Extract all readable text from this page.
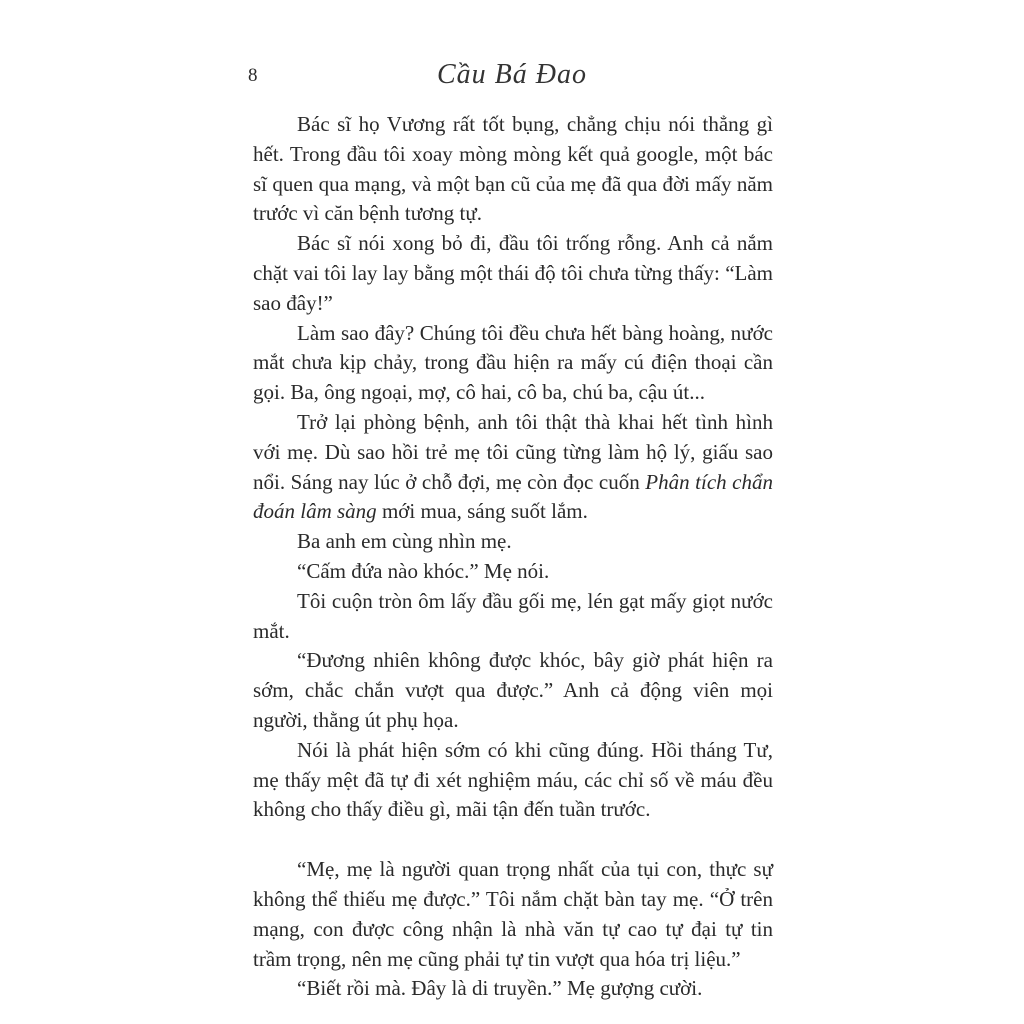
8	Cầu Bá Đao

Bác sĩ họ Vương rất tốt bụng, chẳng chịu nói thẳng gì hết. Trong đầu tôi xoay mòng mòng kết quả google, một bác sĩ quen qua mạng, và một bạn cũ của mẹ đã qua đời mấy năm trước vì căn bệnh tương tự.

Bác sĩ nói xong bỏ đi, đầu tôi trống rỗng. Anh cả nắm chặt vai tôi lay lay bằng một thái độ tôi chưa từng thấy: “Làm sao đây!”

Làm sao đây? Chúng tôi đều chưa hết bàng hoàng, nước mắt chưa kịp chảy, trong đầu hiện ra mấy cú điện thoại cần gọi. Ba, ông ngoại, mợ, cô hai, cô ba, chú ba, cậu út...

Trở lại phòng bệnh, anh tôi thật thà khai hết tình hình với mẹ. Dù sao hồi trẻ mẹ tôi cũng từng làm hộ lý, giấu sao nổi. Sáng nay lúc ở chỗ đợi, mẹ còn đọc cuốn Phân tích chẩn đoán lâm sàng mới mua, sáng suốt lắm.

Ba anh em cùng nhìn mẹ.

“Cấm đứa nào khóc.” Mẹ nói.

Tôi cuộn tròn ôm lấy đầu gối mẹ, lén gạt mấy giọt nước mắt.

“Đương nhiên không được khóc, bây giờ phát hiện ra sớm, chắc chắn vượt qua được.” Anh cả động viên mọi người, thằng út phụ họa.

Nói là phát hiện sớm có khi cũng đúng. Hồi tháng Tư, mẹ thấy mệt đã tự đi xét nghiệm máu, các chỉ số về máu đều không cho thấy điều gì, mãi tận đến tuần trước.

“Mẹ, mẹ là người quan trọng nhất của tụi con, thực sự không thể thiếu mẹ được.” Tôi nắm chặt bàn tay mẹ. “Ở trên mạng, con được công nhận là nhà văn tự cao tự đại tự tin trầm trọng, nên mẹ cũng phải tự tin vượt qua hóa trị liệu.”

“Biết rồi mà. Đây là di truyền.” Mẹ gượng cười.
